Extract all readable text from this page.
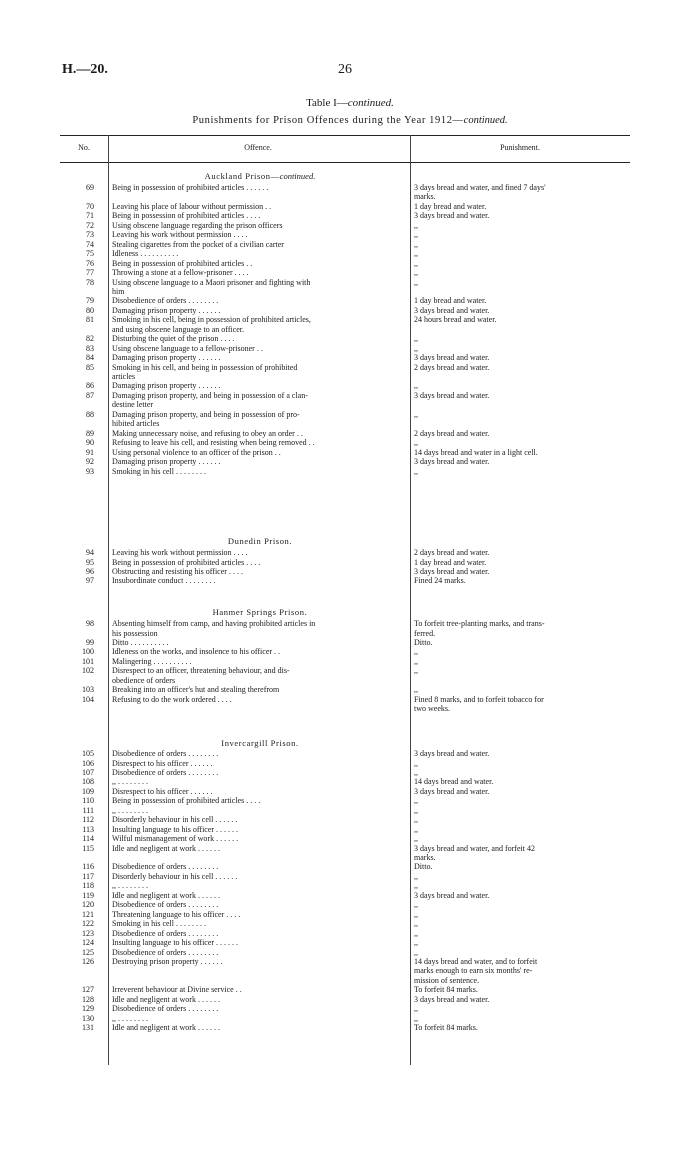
H.—20.	26
Table I—continued.
Punishments for Prison Offences during the Year 1912—continued.
No.	Offence.	Punishment.
Auckland Prison—continued.
Dunedin Prison.
Hanmer Springs Prison.
Invercargill Prison.
69 Being in possession of prohibited articles . . . . . .	3 days bread and water, and fined 7 days'
marks.
70 Leaving his place of labour without permission . .	1 day bread and water.
71 Being in possession of prohibited articles . . . .	3 days bread and water.
72 Using obscene language regarding the prison officers	,,
73 Leaving his work without permission . . . .	,,
74 Stealing cigarettes from the pocket of a civilian carter	,,
75 Idleness . . . . . . . . . .	,,
76 Being in possession of prohibited articles . .	,,
77 Throwing a stone at a fellow-prisoner . . . .	,,
78 Using obscene language to a Maori prisoner and fighting with	,,
him
79 Disobedience of orders . . . . . . . .	1 day bread and water.
80 Damaging prison property . . . . . .	3 days bread and water.
81 Smoking in his cell, being in possession of prohibited articles,	24 hours bread and water.
and using obscene language to an officer.
82 Disturbing the quiet of the prison . . . .	,,
83 Using obscene language to a fellow-prisoner . .	,,
84 Damaging prison property . . . . . .	3 days bread and water.
85 Smoking in his cell, and being in possession of prohibited	2 days bread and water.
articles
86 Damaging prison property . . . . . .	,,
87 Damaging prison property, and being in possession of a clan-	3 days bread and water.
destine letter
88 Damaging prison property, and being in possession of pro-	,,
hibited articles
89 Making unnecessary noise, and refusing to obey an order . .	2 days bread and water.
90 Refusing to leave his cell, and resisting when being removed . .	,,
91 Using personal violence to an officer of the prison . .	14 days bread and water in a light cell.
92 Damaging prison property . . . . . .	3 days bread and water.
93 Smoking in his cell . . . . . . . .	,,
94 Leaving his work without permission . . . .	2 days bread and water.
95 Being in possession of prohibited articles . . . .	1 day bread and water.
96 Obstructing and resisting his officer . . . .	3 days bread and water.
97 Insubordinate conduct . . . . . . . .	Fined 24 marks.
98 Absenting himself from camp, and having prohibited articles in	To forfeit tree-planting marks, and trans-
his possession	ferred.
99 Ditto . . . . . . . . . .	Ditto.
100 Idleness on the works, and insolence to his officer . .	,,
101 Malingering . . . . . . . . . .	,,
102 Disrespect to an officer, threatening behaviour, and dis-	,,
obedience of orders
103 Breaking into an officer's hut and stealing therefrom	,,
104 Refusing to do the work ordered . . . .	Fined 8 marks, and to forfeit tobacco for
two weeks.
105 Disobedience of orders . . . . . . . .	3 days bread and water.
106 Disrespect to his officer . . . . . .	,,
107 Disobedience of orders . . . . . . . .	,,
108 ,, . . . . . . . .	14 days bread and water.
109 Disrespect to his officer . . . . . .	3 days bread and water.
110 Being in possession of prohibited articles . . . .	,,
111 ,, . . . . . . . .	,,
112 Disorderly behaviour in his cell . . . . . .	,,
113 Insulting language to his officer . . . . . .	,,
114 Wilful mismanagement of work . . . . . .	,,
115 Idle and negligent at work . . . . . .	3 days bread and water, and forfeit 42
marks.
116 Disobedience of orders . . . . . . . .	Ditto.
117 Disorderly behaviour in his cell . . . . . .	,,
118 ,, . . . . . . . .	,,
119 Idle and negligent at work . . . . . .	3 days bread and water.
120 Disobedience of orders . . . . . . . .	,,
121 Threatening language to his officer . . . .	,,
122 Smoking in his cell . . . . . . . .	,,
123 Disobedience of orders . . . . . . . .	,,
124 Insulting language to his officer . . . . . .	,,
125 Disobedience of orders . . . . . . . .	,,
126 Destroying prison property . . . . . .	14 days bread and water, and to forfeit
marks enough to earn six months' re-
mission of sentence.
127 Irreverent behaviour at Divine service . .	To forfeit 84 marks.
128 Idle and negligent at work . . . . . .	3 days bread and water.
129 Disobedience of orders . . . . . . . .	,,
130 ,, . . . . . . . .	,,
131 Idle and negligent at work . . . . . .	To forfeit 84 marks.
